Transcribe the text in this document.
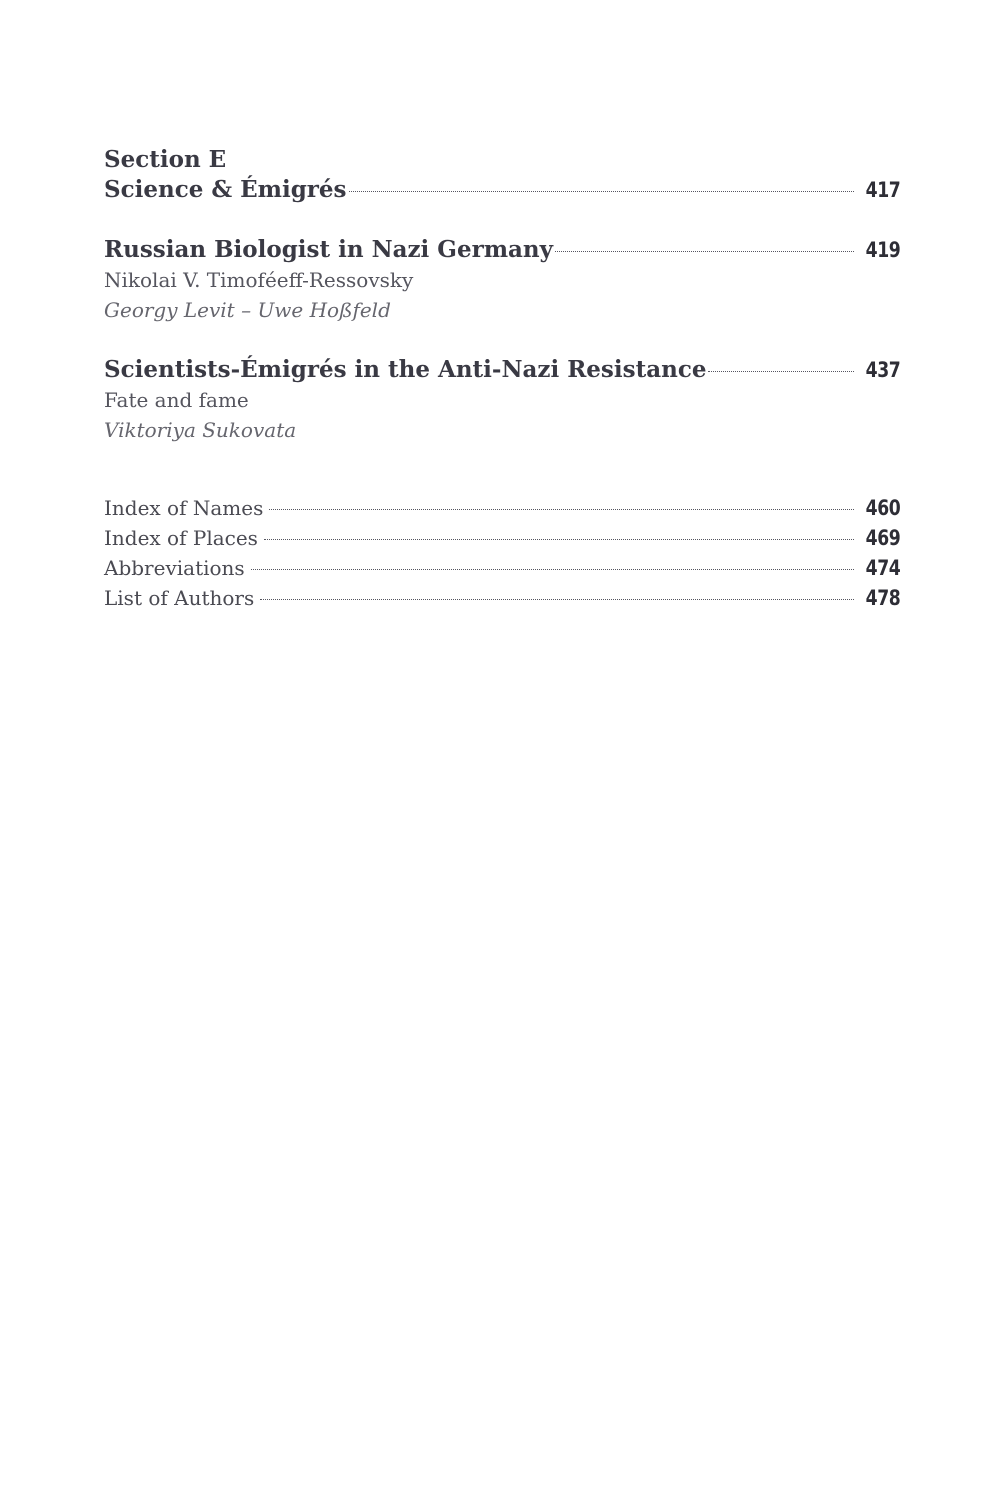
Section E
Science & Émigrés	417
Russian Biologist in Nazi Germany	419
Nikolai V. Timoféeff-Ressovsky
Georgy Levit – Uwe Hoßfeld
Scientists-Émigrés in the Anti-Nazi Resistance	437
Fate and fame
Viktoriya Sukovata
Index of Names	460
Index of Places	469
Abbreviations	474
List of Authors	478
